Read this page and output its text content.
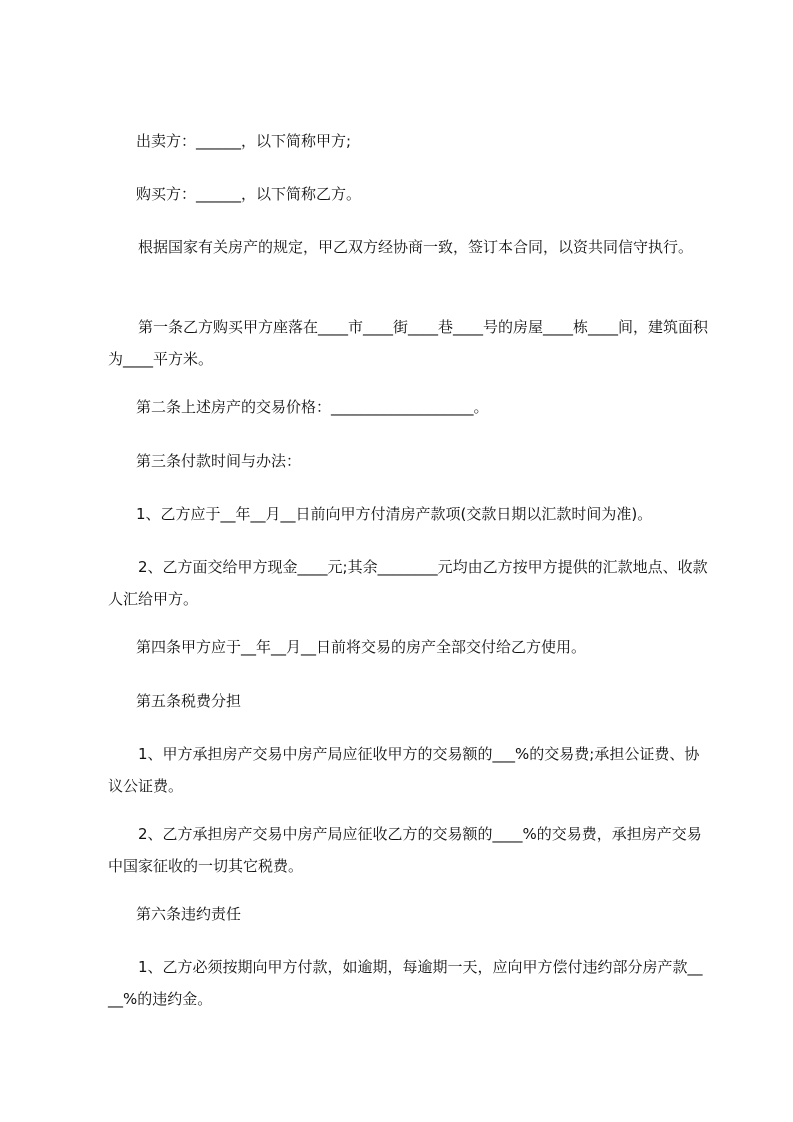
出卖方：______，以下简称甲方;

购买方：______，以下简称乙方。

根据国家有关房产的规定，甲乙双方经协商一致，签订本合同，以资共同信守执行。

第一条乙方购买甲方座落在____市____街____巷____号的房屋____栋____间，建筑面积为____平方米。

第二条上述房产的交易价格：___________________。

第三条付款时间与办法：

1、乙方应于__年__月__日前向甲方付清房产款项(交款日期以汇款时间为准)。

2、乙方面交给甲方现金____元;其余________元均由乙方按甲方提供的汇款地点、收款人汇给甲方。

第四条甲方应于__年__月__日前将交易的房产全部交付给乙方使用。

第五条税费分担

1、甲方承担房产交易中房产局应征收甲方的交易额的___%的交易费;承担公证费、协议公证费。

2、乙方承担房产交易中房产局应征收乙方的交易额的____%的交易费，承担房产交易中国家征收的一切其它税费。

第六条违约责任

1、乙方必须按期向甲方付款，如逾期，每逾期一天，应向甲方偿付违约部分房产款____%的违约金。
